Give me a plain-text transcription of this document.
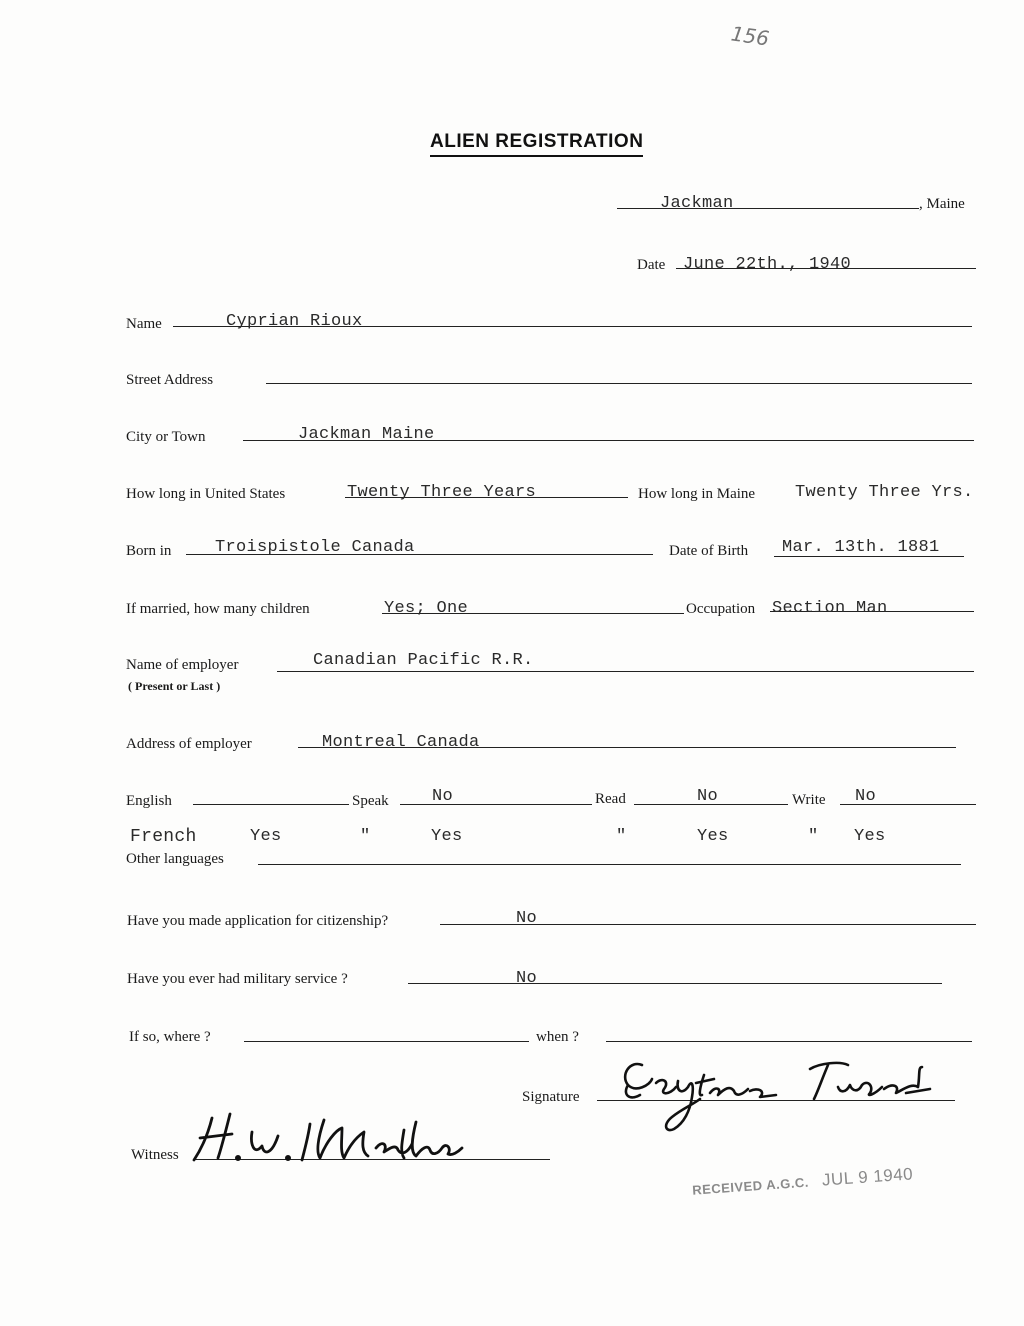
156
ALIEN REGISTRATION
Jackman	, Maine
Date June 22th., 1940
Name	Cyprian Rioux
Street Address
City or Town	Jackman Maine
How long in United States	Twenty Three Years	How long in Maine Twenty Three Yrs.
Born in	Troispistole Canada	Date of Birth Mar. 13th. 1881
If married, how many children	Yes; One	Occupation Section Man
Name of employer
( Present or Last )
Canadian Pacific R.R.
Address of employer	Montreal Canada
English	Speak	No	Read	No	Write No
French	Yes	"	Yes	"	Yes	" Yes
Other languages
Have you made application for citizenship?	No
Have you ever had military service ?	No
If so, where ?	when ?
Signature
Witness
RECEIVED A.G.C. JUL 9 1940
